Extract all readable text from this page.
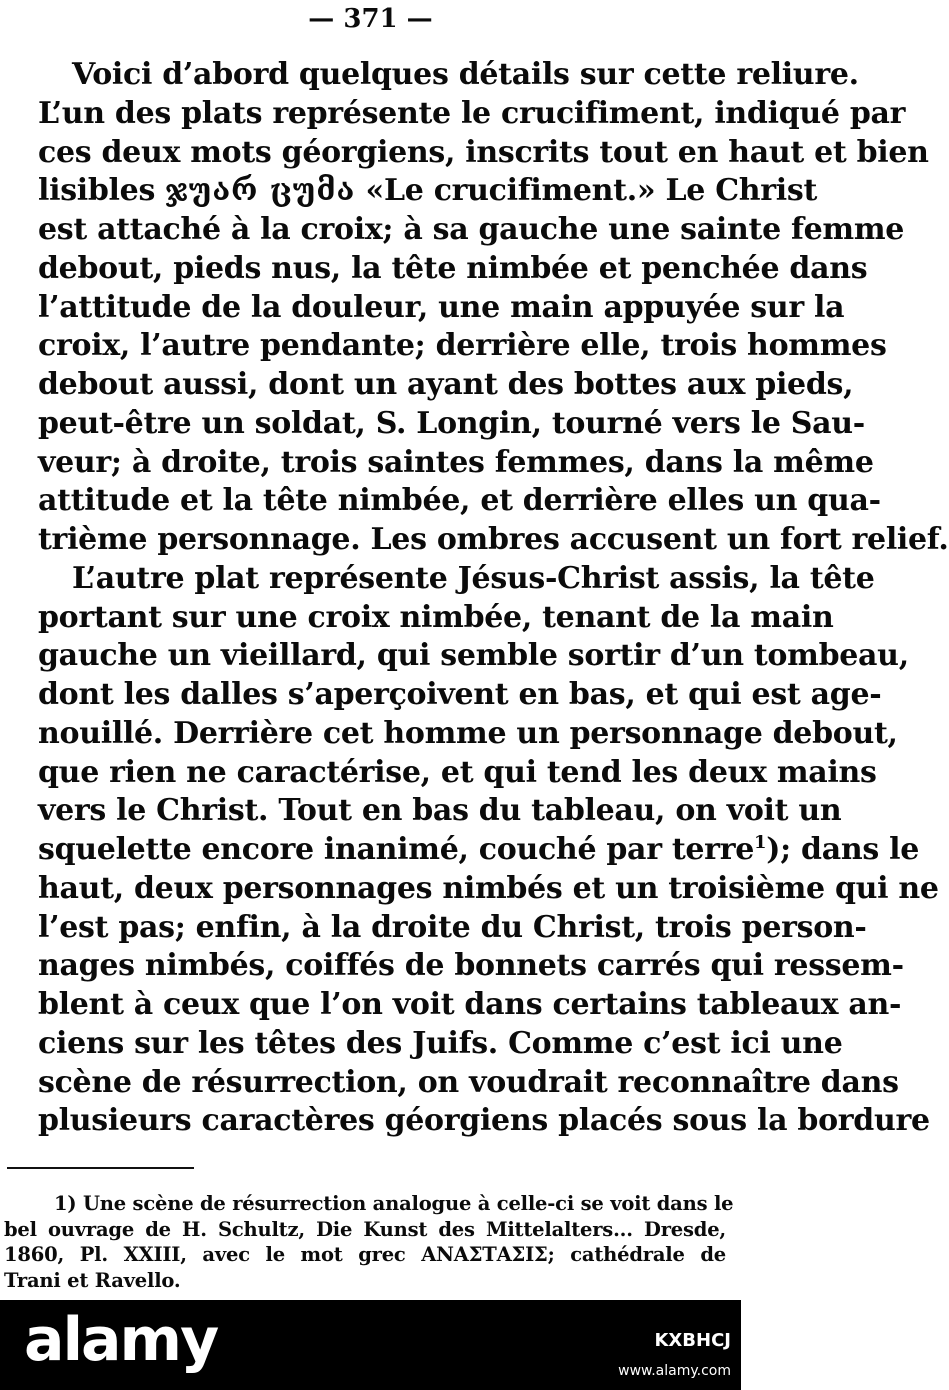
— 371 —
Voici d’abord quelques détails sur cette reliure.
L’un des plats représente le crucifiment, indiqué par
ces deux mots géorgiens, inscrits tout en haut et bien
lisibles ჯუარ ცუმა «Le crucifiment.» Le Christ
est attaché à la croix; à sa gauche une sainte femme
debout, pieds nus, la tête nimbée et penchée dans
l’attitude de la douleur, une main appuyée sur la
croix, l’autre pendante; derrière elle, trois hommes
debout aussi, dont un ayant des bottes aux pieds,
peut-être un soldat, S. Longin, tourné vers le Sau-
veur; à droite, trois saintes femmes, dans la même
attitude et la tête nimbée, et derrière elles un qua-
trième personnage. Les ombres accusent un fort relief.
L’autre plat représente Jésus-Christ assis, la tête
portant sur une croix nimbée, tenant de la main
gauche un vieillard, qui semble sortir d’un tombeau,
dont les dalles s’aperçoivent en bas, et qui est age-
nouillé. Derrière cet homme un personnage debout,
que rien ne caractérise, et qui tend les deux mains
vers le Christ. Tout en bas du tableau, on voit un
squelette encore inanimé, couché par terre$^1$); dans le
haut, deux personnages nimbés et un troisième qui ne
l’est pas; enfin, à la droite du Christ, trois person-
nages nimbés, coiffés de bonnets carrés qui ressem-
blent à ceux que l’on voit dans certains tableaux an-
ciens sur les têtes des Juifs. Comme c’est ici une
scène de résurrection, on voudrait reconnaître dans
plusieurs caractères géorgiens placés sous la bordure
1) Une scène de résurrection analogue à celle-ci se voit dans le
bel ouvrage de H. Schultz, Die Kunst des Mittelalters... Dresde,
1860, Pl. XXIII, avec le mot grec ΑΝΑΣΤΑΣΙΣ; cathédrale de
Trani et Ravello.
alamy	KXBHCJ
www.alamy.com
